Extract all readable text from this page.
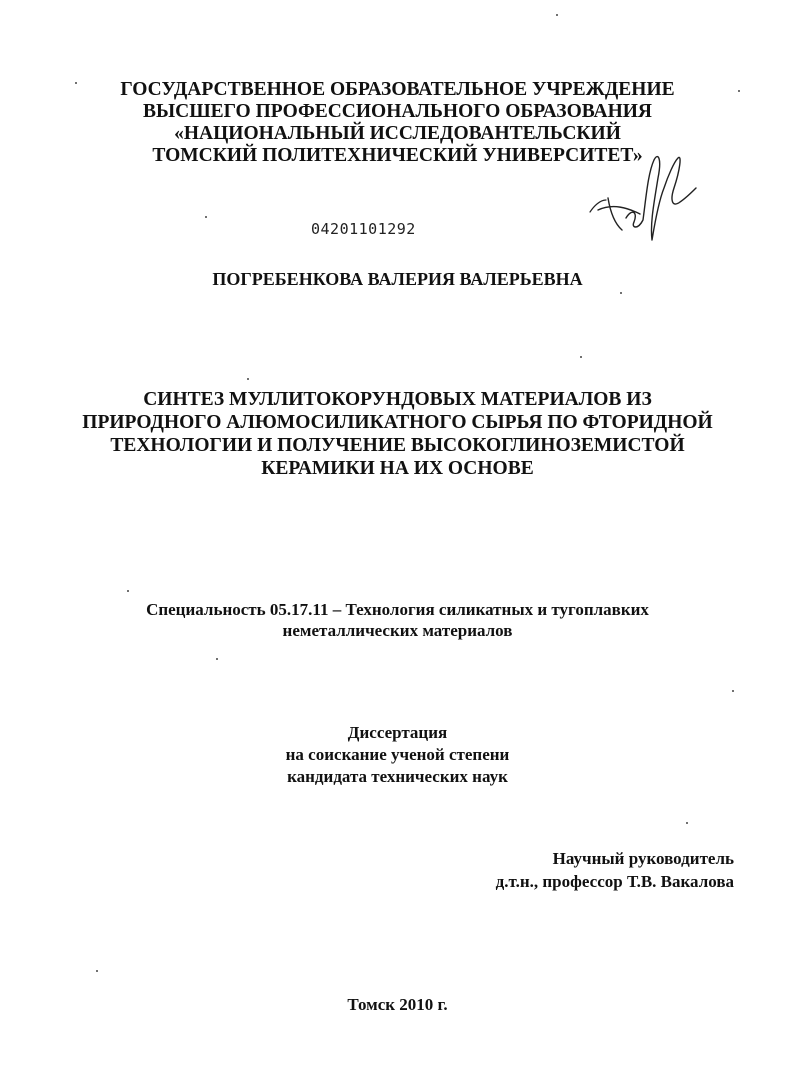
ГОСУДАРСТВЕННОЕ ОБРАЗОВАТЕЛЬНОЕ УЧРЕЖДЕНИЕ
ВЫСШЕГО ПРОФЕССИОНАЛЬНОГО ОБРАЗОВАНИЯ
«НАЦИОНАЛЬНЫЙ ИССЛЕДОВАНТЕЛЬСКИЙ
ТОМСКИЙ ПОЛИТЕХНИЧЕСКИЙ УНИВЕРСИТЕТ»
04201101292
ПОГРЕБЕНКОВА ВАЛЕРИЯ ВАЛЕРЬЕВНА
СИНТЕЗ МУЛЛИТОКОРУНДОВЫХ МАТЕРИАЛОВ ИЗ
ПРИРОДНОГО АЛЮМОСИЛИКАТНОГО СЫРЬЯ ПО ФТОРИДНОЙ
ТЕХНОЛОГИИ И ПОЛУЧЕНИЕ ВЫСОКОГЛИНОЗЕМИСТОЙ
КЕРАМИКИ НА ИХ ОСНОВЕ
Специальность 05.17.11 – Технология силикатных и тугоплавких
неметаллических материалов
Диссертация
на соискание ученой степени
кандидата технических наук
Научный руководитель
д.т.н., профессор Т.В. Вакалова
Томск 2010 г.
